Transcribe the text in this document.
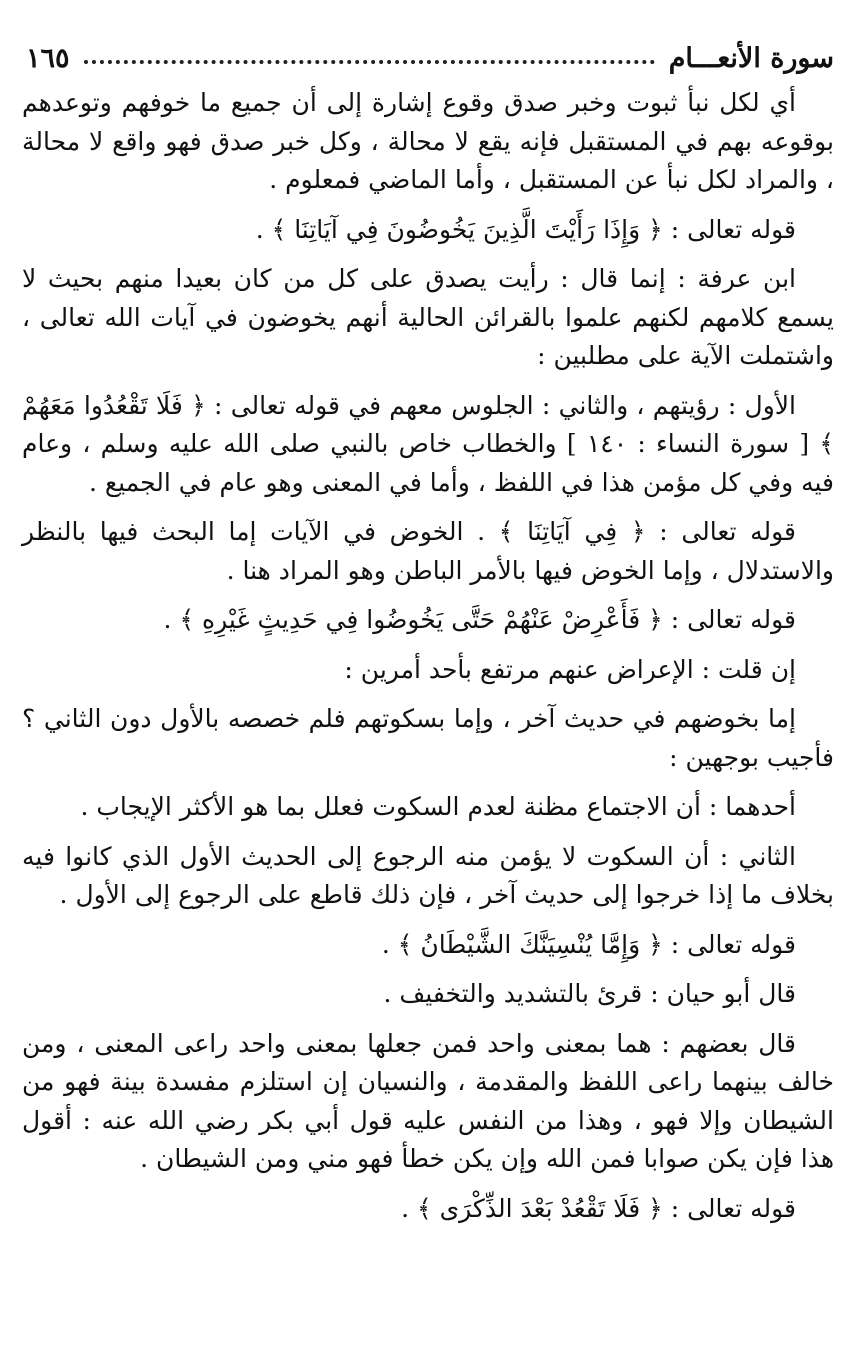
سورة الأنعـــام
١٦٥

أي لكل نبأ ثبوت وخبر صدق وقوع إشارة إلى أن جميع ما خوفهم وتوعدهم بوقوعه بهم في المستقبل فإنه يقع لا محالة ، وكل خبر صدق فهو واقع لا محالة ، والمراد لكل نبأ عن المستقبل ، وأما الماضي فمعلوم .

قوله تعالى : ﴿ وَإِذَا رَأَيْتَ الَّذِينَ يَخُوضُونَ فِي آيَاتِنَا ﴾ .

ابن عرفة : إنما قال : رأيت يصدق على كل من كان بعيدا منهم بحيث لا يسمع كلامهم لكنهم علموا بالقرائن الحالية أنهم يخوضون في آيات الله تعالى ، واشتملت الآية على مطلبين :

الأول : رؤيتهم ، والثاني : الجلوس معهم في قوله تعالى : ﴿ فَلَا تَقْعُدُوا مَعَهُمْ ﴾ [ سورة النساء : ١٤٠ ] والخطاب خاص بالنبي صلى الله عليه وسلم ، وعام فيه وفي كل مؤمن هذا في اللفظ ، وأما في المعنى وهو عام في الجميع .

قوله تعالى : ﴿ فِي آيَاتِنَا ﴾ . الخوض في الآيات إما البحث فيها بالنظر والاستدلال ، وإما الخوض فيها بالأمر الباطن وهو المراد هنا .

قوله تعالى : ﴿ فَأَعْرِضْ عَنْهُمْ حَتَّى يَخُوضُوا فِي حَدِيثٍ غَيْرِهِ ﴾ .

إن قلت : الإعراض عنهم مرتفع بأحد أمرين :

إما بخوضهم في حديث آخر ، وإما بسكوتهم فلم خصصه بالأول دون الثاني ؟ فأجيب بوجهين :

أحدهما : أن الاجتماع مظنة لعدم السكوت فعلل بما هو الأكثر الإيجاب .

الثاني : أن السكوت لا يؤمن منه الرجوع إلى الحديث الأول الذي كانوا فيه بخلاف ما إذا خرجوا إلى حديث آخر ، فإن ذلك قاطع على الرجوع إلى الأول .

قوله تعالى : ﴿ وَإِمَّا يُنْسِيَنَّكَ الشَّيْطَانُ ﴾ .

قال أبو حيان : قرئ بالتشديد والتخفيف .

قال بعضهم : هما بمعنى واحد فمن جعلها بمعنى واحد راعى المعنى ، ومن خالف بينهما راعى اللفظ والمقدمة ، والنسيان إن استلزم مفسدة بينة فهو من الشيطان وإلا فهو ، وهذا من النفس عليه قول أبي بكر رضي الله عنه : أقول هذا فإن يكن صوابا فمن الله وإن يكن خطأ فهو مني ومن الشيطان .

قوله تعالى : ﴿ فَلَا تَقْعُدْ بَعْدَ الذِّكْرَى ﴾ .
